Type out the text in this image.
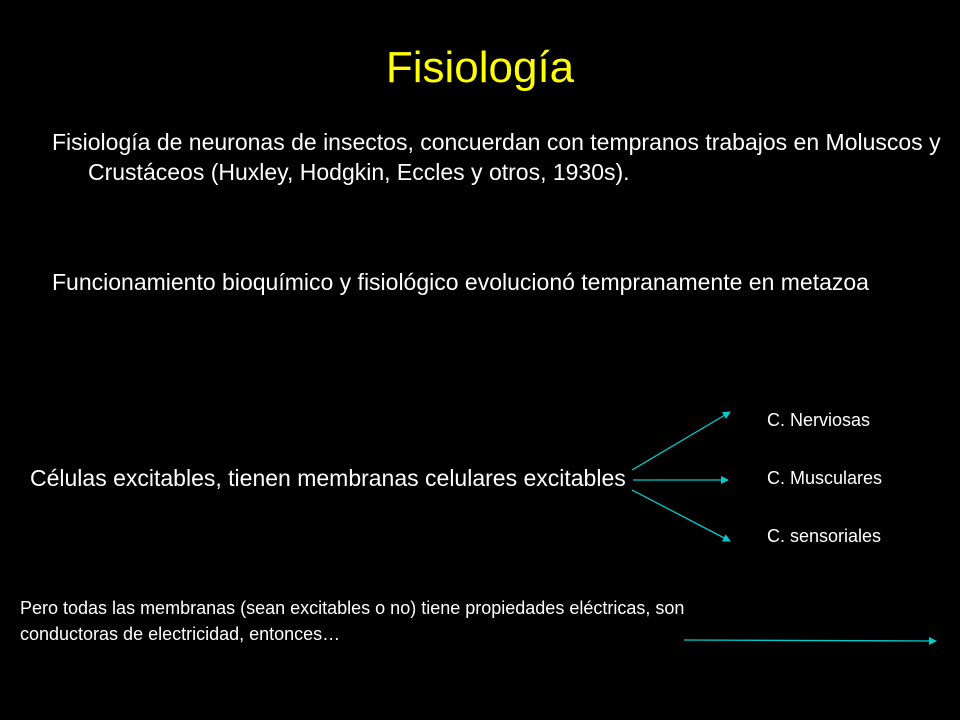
Fisiología

Fisiología de neuronas de insectos, concuerdan con tempranos trabajos en Moluscos y Crustáceos (Huxley, Hodgkin, Eccles y otros, 1930s).

Funcionamiento bioquímico y fisiológico evolucionó tempranamente en metazoa

Células excitables, tienen membranas celulares excitables
C. Nerviosas
C. Musculares
C. sensoriales
Pero todas las membranas (sean excitables o no) tiene propiedades eléctricas, son conductoras de electricidad, entonces…
